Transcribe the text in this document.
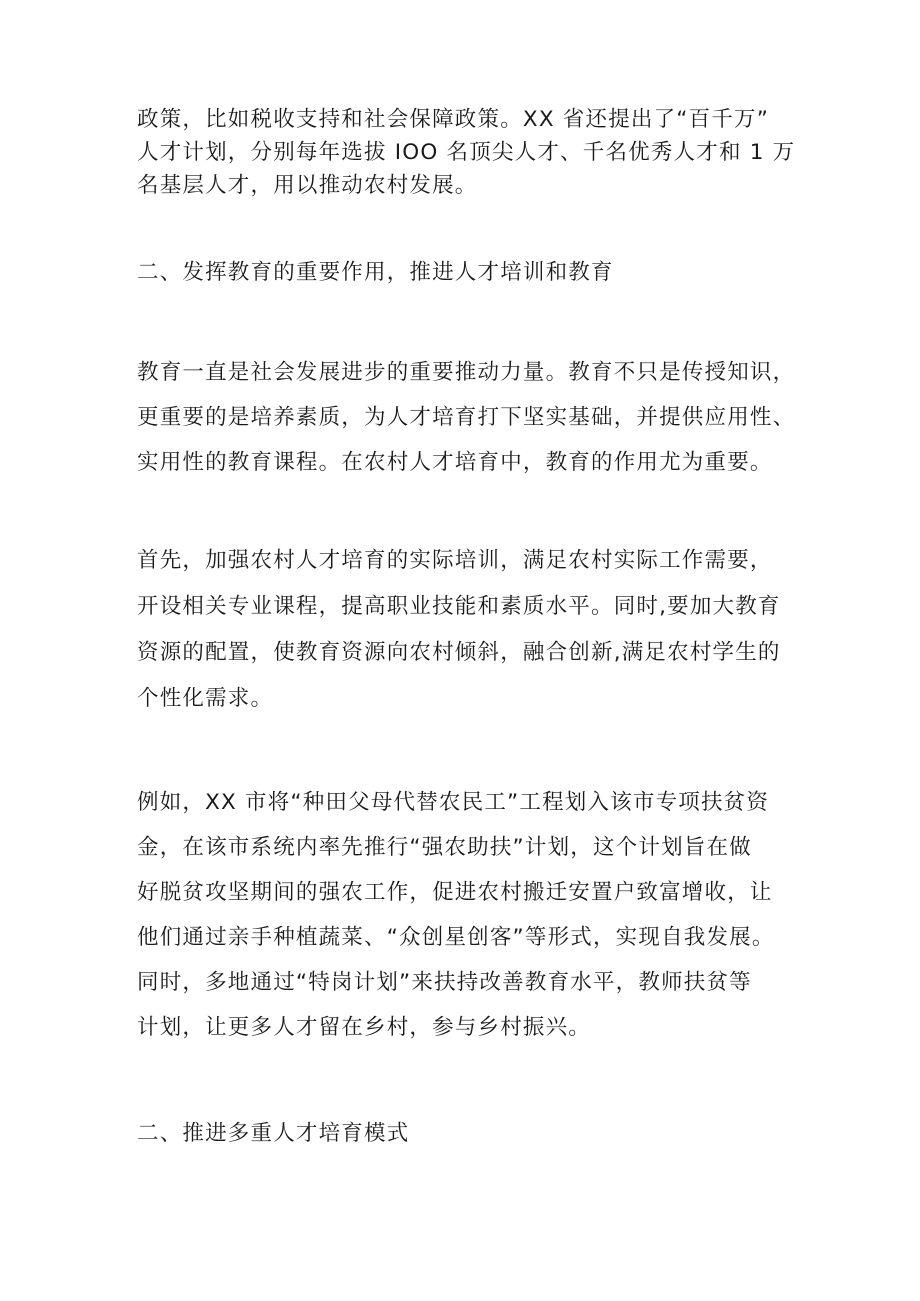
政策，比如税收支持和社会保障政策。XX 省还提出了“百千万”
人才计划，分别每年选拔 IOO 名顶尖人才、千名优秀人才和 1 万
名基层人才，用以推动农村发展。
二、发挥教育的重要作用，推进人才培训和教育
教育一直是社会发展进步的重要推动力量。教育不只是传授知识，
更重要的是培养素质，为人才培育打下坚实基础，并提供应用性、
实用性的教育课程。在农村人才培育中，教育的作用尤为重要。
首先，加强农村人才培育的实际培训，满足农村实际工作需要，
开设相关专业课程，提高职业技能和素质水平。同时,要加大教育
资源的配置，使教育资源向农村倾斜，融合创新,满足农村学生的
个性化需求。
例如，XX 市将“种田父母代替农民工”工程划入该市专项扶贫资
金，在该市系统内率先推行“强农助扶”计划，这个计划旨在做
好脱贫攻坚期间的强农工作，促进农村搬迁安置户致富增收，让
他们通过亲手种植蔬菜、“众创星创客”等形式，实现自我发展。
同时，多地通过“特岗计划”来扶持改善教育水平，教师扶贫等
计划，让更多人才留在乡村，参与乡村振兴。
二、推进多重人才培育模式
